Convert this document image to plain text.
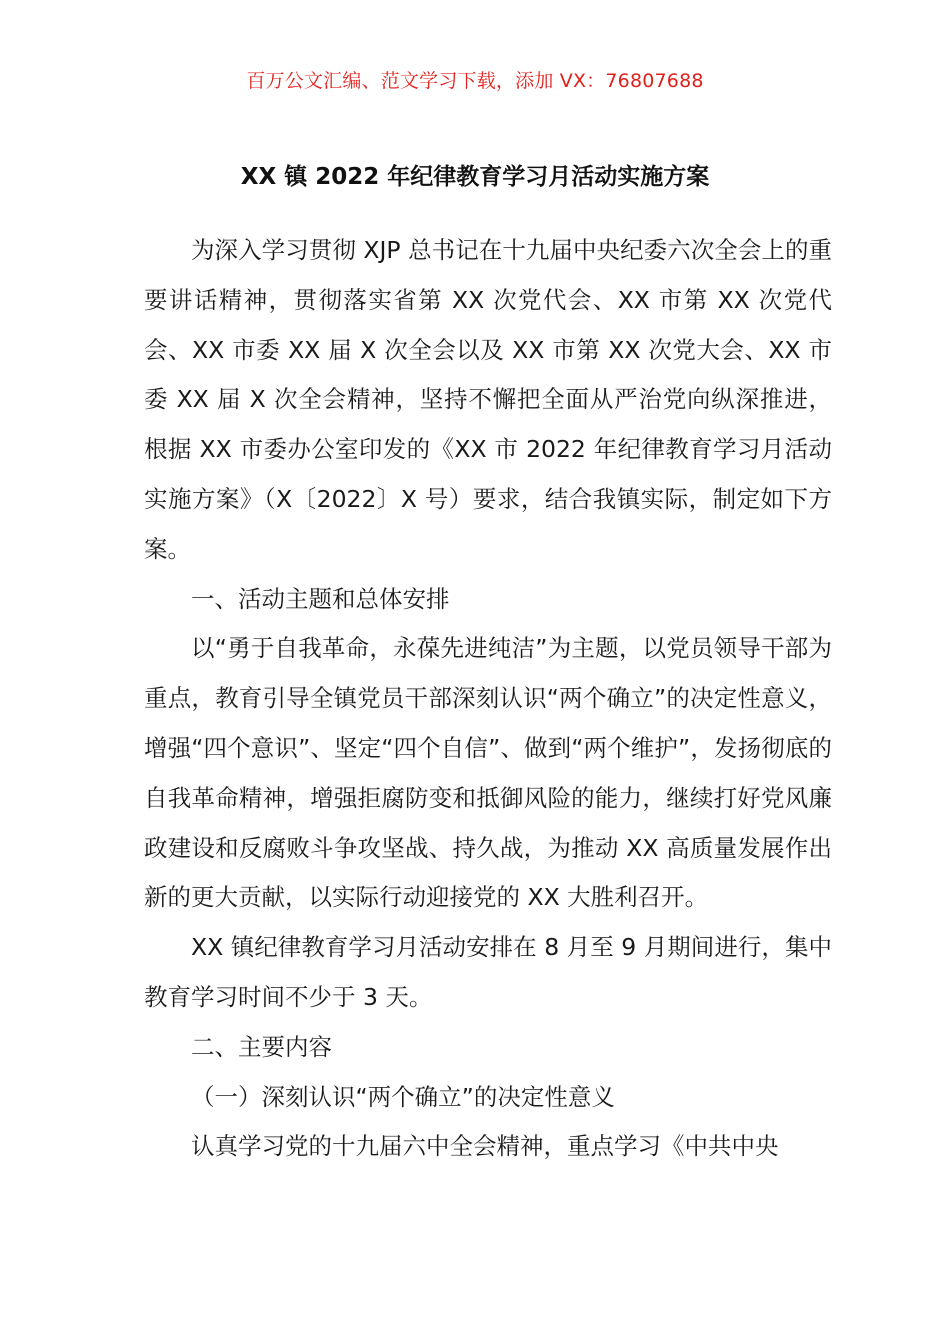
百万公文汇编、范文学习下载，添加 VX：76807688
XX 镇 2022 年纪律教育学习月活动实施方案

为深入学习贯彻 XJP 总书记在十九届中央纪委六次全会上的重要讲话精神，贯彻落实省第 XX 次党代会、XX 市第 XX 次党代会、XX 市委 XX 届 X 次全会以及 XX 市第 XX 次党大会、XX 市委 XX 届 X 次全会精神，坚持不懈把全面从严治党向纵深推进，根据 XX 市委办公室印发的《XX 市 2022 年纪律教育学习月活动实施方案》（X〔2022〕X 号）要求，结合我镇实际，制定如下方案。

一、活动主题和总体安排

以“勇于自我革命，永葆先进纯洁”为主题，以党员领导干部为重点，教育引导全镇党员干部深刻认识“两个确立”的决定性意义，增强“四个意识”、坚定“四个自信”、做到“两个维护”，发扬彻底的自我革命精神，增强拒腐防变和抵御风险的能力，继续打好党风廉政建设和反腐败斗争攻坚战、持久战，为推动 XX 高质量发展作出新的更大贡献，以实际行动迎接党的 XX 大胜利召开。

XX 镇纪律教育学习月活动安排在 8 月至 9 月期间进行，集中教育学习时间不少于 3 天。

二、主要内容

（一）深刻认识“两个确立”的决定性意义

认真学习党的十九届六中全会精神，重点学习《中共中央
